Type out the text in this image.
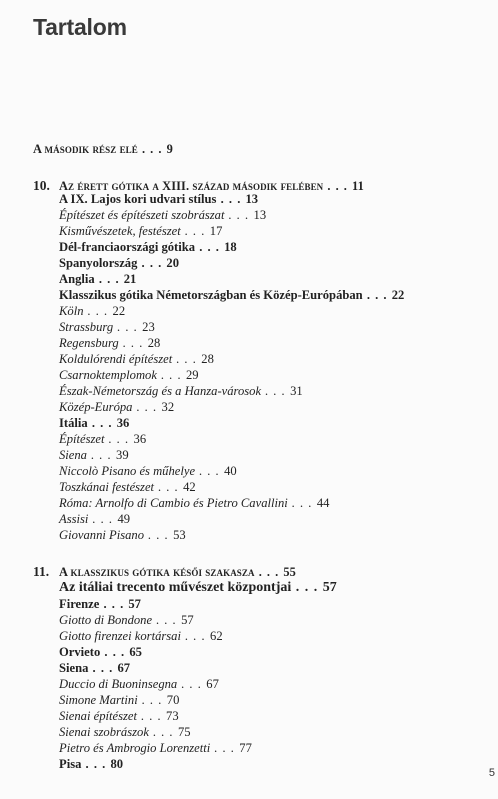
Tartalom
A második rész elé . . . 9
10. Az érett gótika a XIII. század második felében . . . 11
A IX. Lajos kori udvari stílus . . . 13
Építészet és építészeti szobrászat . . . 13
Kisművészetek, festészet . . . 17
Dél-franciaországi gótika . . . 18
Spanyolország . . . 20
Anglia . . . 21
Klasszikus gótika Németországban és Közép-Európában . . . 22
Köln . . . 22
Strassburg . . . 23
Regensburg . . . 28
Koldulórendi építészet . . . 28
Csarnoktemplomok . . . 29
Észak-Németország és a Hanza-városok . . . 31
Közép-Európa . . . 32
Itália . . . 36
Építészet . . . 36
Siena . . . 39
Niccolò Pisano és műhelye . . . 40
Toszkánai festészet . . . 42
Róma: Arnolfo di Cambio és Pietro Cavallini . . . 44
Assisi . . . 49
Giovanni Pisano . . . 53
11. A klasszikus gótika késői szakasza . . . 55
Az itáliai trecento művészet központjai . . . 57
Firenze . . . 57
Giotto di Bondone . . . 57
Giotto firenzei kortársai . . . 62
Orvieto . . . 65
Siena . . . 67
Duccio di Buoninsegna . . . 67
Simone Martini . . . 70
Sienai építészet . . . 73
Sienai szobrászok . . . 75
Pietro és Ambrogio Lorenzetti . . . 77
Pisa . . . 80
5
